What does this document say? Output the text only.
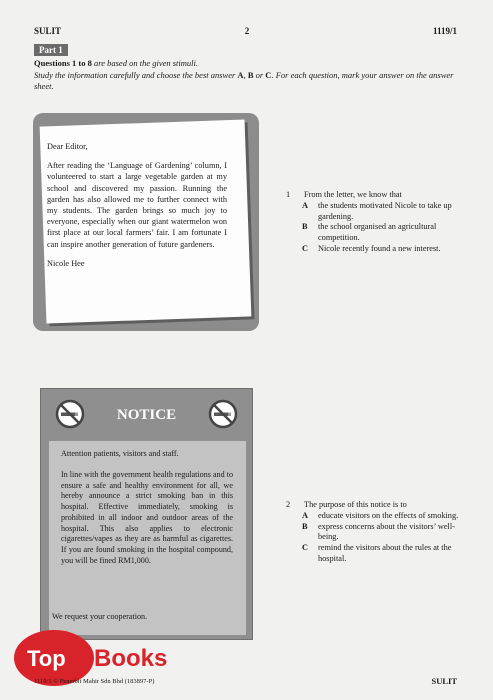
SULIT	2	1119/1
Part 1
Questions 1 to 8 are based on the given stimuli.
Study the information carefully and choose the best answer A, B or C. For each question, mark your answer on the answer sheet.

Dear Editor,

After reading the ‘Language of Gardening’ column, I volunteered to start a large vegetable garden at my school and discovered my passion. Running the garden has also allowed me to further connect with my students. The garden brings so much joy to everyone, especially when our giant watermelon won first place at our local farmers’ fair. I am fortunate I can inspire another generation of future gardeners.

Nicole Hee

1	From the letter, we know that
A	the students motivated Nicole to take up gardening.
B	the school organised an agricultural competition.
C	Nicole recently found a new interest.
NOTICE

Attention patients, visitors and staff.

In line with the government health regulations and to ensure a safe and healthy environment for all, we hereby announce a strict smoking ban in this hospital. Effective immediately, smoking is prohibited in all indoor and outdoor areas of the hospital. This also applies to electronic cigarettes/vapes as they are as harmful as cigarettes. If you are found smoking in the hospital compound, you will be fined RM1,000.

We request your cooperation.
2	The purpose of this notice is to
A	educate visitors on the effects of smoking.
B	express concerns about the visitors’ well-being.
C	remind the visitors about the rules at the hospital.
Top Books
1119/1 © Penerbit Mahir Sdn Bhd (183897-P)	SULIT
